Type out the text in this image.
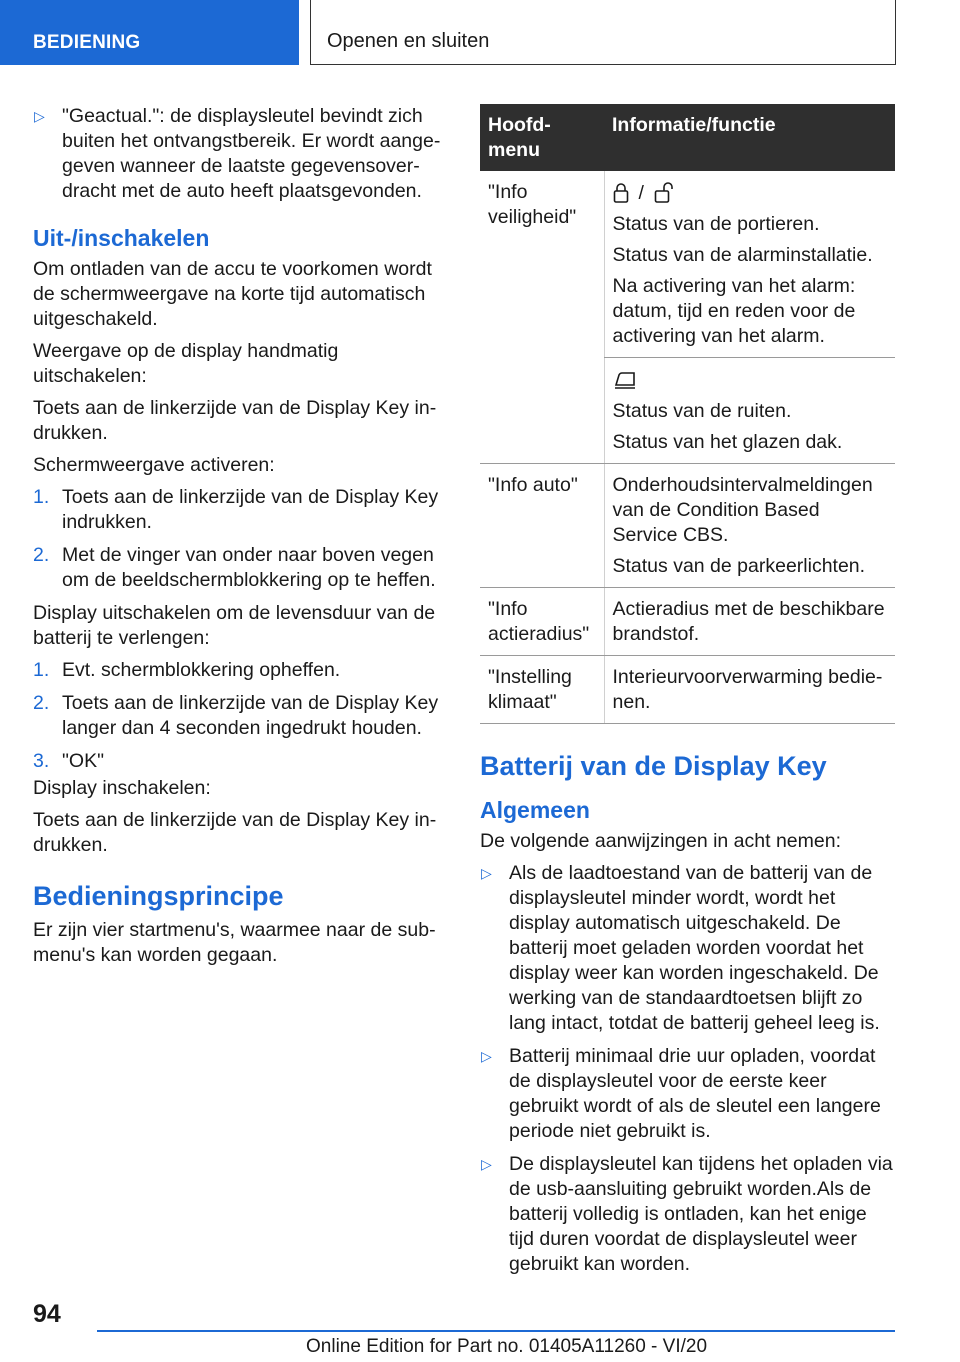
BEDIENING	Openen en sluiten
▷ "Geactual.": de displaysleutel bevindt zich buiten het ontvangstbereik. Er wordt aangegeven wanneer de laatste gegevensoverdracht met de auto heeft plaatsgevonden.
Uit-/inschakelen

Om ontladen van de accu te voorkomen wordt de schermweergave na korte tijd automatisch uitgeschakeld.

Weergave op de display handmatig uitschakelen:

Toets aan de linkerzijde van de Display Key indrukken.

Schermweergave activeren:

1. Toets aan de linkerzijde van de Display Key indrukken.
2. Met de vinger van onder naar boven vegen om de beeldschermblokkering op te heffen.

Display uitschakelen om de levensduur van de batterij te verlengen:

1. Evt. schermblokkering opheffen.
2. Toets aan de linkerzijde van de Display Key langer dan 4 seconden ingedrukt houden.
3. "OK"

Display inschakelen:

Toets aan de linkerzijde van de Display Key indrukken.

Bedieningsprincipe

Er zijn vier startmenu's, waarmee naar de submenu's kan worden gegaan.

Hoofd-menu	Informatie/functie
"Info veiligheid"	/

Status van de portieren.

Status van de alarminstallatie.

Na activering van het alarm: datum, tijd en reden voor de activering van het alarm.

	Status van de ruiten.

Status van het glazen dak.

"Info auto"	Onderhoudsintervalmeldingen van de Condition Based Service CBS.

Status van de parkeerlichten.

"Info actieradius"	Actieradius met de beschikbare brandstof.

"Instelling klimaat"	Interieurvoorverwarming bedienen.

Batterij van de Display Key
Algemeen

De volgende aanwijzingen in acht nemen:

▷ Als de laadtoestand van de batterij van de displaysleutel minder wordt, wordt het display automatisch uitgeschakeld. De batterij moet geladen worden voordat het display weer kan worden ingeschakeld. De werking van de standaardtoetsen blijft zo lang intact, totdat de batterij geheel leeg is.
▷ Batterij minimaal drie uur opladen, voordat de displaysleutel voor de eerste keer gebruikt wordt of als de sleutel een langere periode niet gebruikt is.
▷ De displaysleutel kan tijdens het opladen via de usb-aansluiting gebruikt worden.Als de batterij volledig is ontladen, kan het enige tijd duren voordat de displaysleutel weer gebruikt kan worden.
94
Online Edition for Part no. 01405A11260 - VI/20
